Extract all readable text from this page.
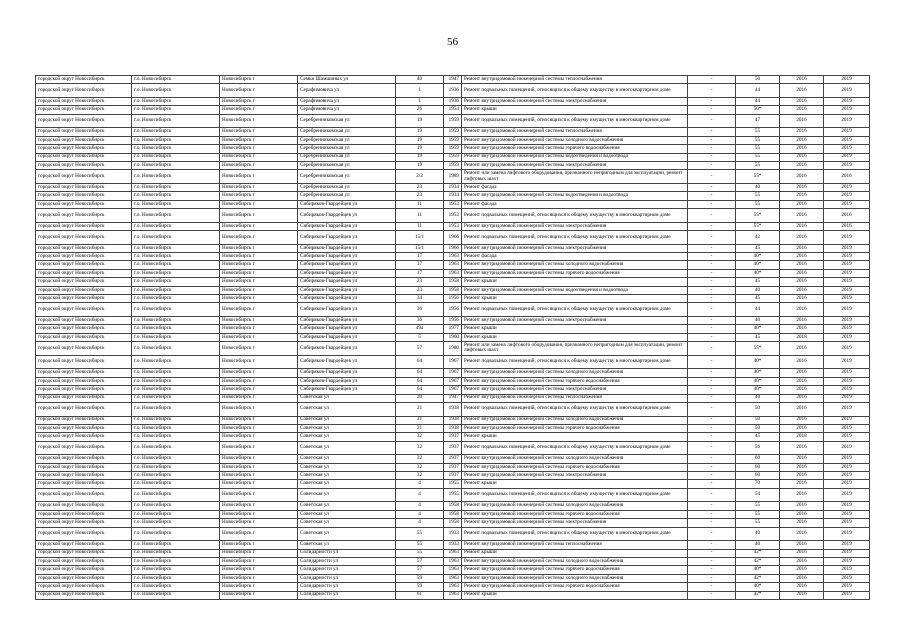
56
городской округ Новосибирск	г.о. Новосибирск	Новосибирск г	Семьи Шамшиных ул	40	1947	Ремонт внутридомовой инженерной системы теплоснабжения	-	50	2016	2019
городской округ Новосибирск	г.о. Новосибирск	Новосибирск г	Серафимовича ул	1	1936	Ремонт подвальных помещений, относящихся к общему имуществу в многоквартирном доме	-	44	2016	2019
городской округ Новосибирск	г.о. Новосибирск	Новосибирск г	Серафимовича ул	1	1936	Ремонт внутридомовой инженерной системы электроснабжения	-	44	2016	2019
городской округ Новосибирск	г.о. Новосибирск	Новосибирск г	Серафимовича ул	26	1954	Ремонт крыши	-	50*	2016	2019
городской округ Новосибирск	г.о. Новосибирск	Новосибирск г	Серебренниковская ул	19	1959	Ремонт подвальных помещений, относящихся к общему имуществу в многоквартирном доме	-	47	2016	2019
городской округ Новосибирск	г.о. Новосибирск	Новосибирск г	Серебренниковская ул	19	1959	Ремонт внутридомовой инженерной системы теплоснабжения	-	55	2016	2019
городской округ Новосибирск	г.о. Новосибирск	Новосибирск г	Серебренниковская ул	19	1959	Ремонт внутридомовой инженерной системы холодного водоснабжения	-	55	2016	2019
городской округ Новосибирск	г.о. Новосибирск	Новосибирск г	Серебренниковская ул	19	1959	Ремонт внутридомовой инженерной системы горячего водоснабжения	-	55	2016	2019
городской округ Новосибирск	г.о. Новосибирск	Новосибирск г	Серебренниковская ул	19	1959	Ремонт внутридомовой инженерной системы водоотведения и водоотвода	-	55	2016	2019
городской округ Новосибирск	г.о. Новосибирск	Новосибирск г	Серебренниковская ул	19	1959	Ремонт внутридомовой инженерной системы электроснабжения	-	55	2016	2019
городской округ Новосибирск	г.о. Новосибирск	Новосибирск г	Серебренниковская ул	2/2	1989	Ремонт или замена лифтового оборудования, признанного непригодным для эксплуатации, ремонт лифтовых шахт	-	55*	2016	2016
городской округ Новосибирск	г.о. Новосибирск	Новосибирск г	Серебренниковская ул	23	1934	Ремонт фасада	-	40	2016	2019
городской округ Новосибирск	г.о. Новосибирск	Новосибирск г	Серебренниковская ул	23	1934	Ремонт внутридомовой инженерной системы водоотведения и водоотвода	-	55	2016	2019
городской округ Новосибирск	г.о. Новосибирск	Новосибирск г	Сибиряков-Гвардейцев ул	11	1953	Ремонт фасада	-	55	2016	2019
городской округ Новосибирск	г.о. Новосибирск	Новосибирск г	Сибиряков-Гвардейцев ул	11	1953	Ремонт подвальных помещений, относящихся к общему имуществу в многоквартирном доме	-	55*	2016	2016
городской округ Новосибирск	г.о. Новосибирск	Новосибирск г	Сибиряков-Гвардейцев ул	11	1953	Ремонт внутридомовой инженерной системы электроснабжения	-	55*	2016	2016
городской округ Новосибирск	г.о. Новосибирск	Новосибирск г	Сибиряков-Гвардейцев ул	15/1	1966	Ремонт подвальных помещений, относящихся к общему имуществу в многоквартирном доме	-	42	2016	2019
городской округ Новосибирск	г.о. Новосибирск	Новосибирск г	Сибиряков-Гвардейцев ул	15/1	1966	Ремонт внутридомовой инженерной системы электроснабжения	-	45	2016	2019
городской округ Новосибирск	г.о. Новосибирск	Новосибирск г	Сибиряков-Гвардейцев ул	17	1963	Ремонт фасада	-	40*	2016	2019
городской округ Новосибирск	г.о. Новосибирск	Новосибирск г	Сибиряков-Гвардейцев ул	17	1963	Ремонт внутридомовой инженерной системы холодного водоснабжения	-	40*	2016	2019
городской округ Новосибирск	г.о. Новосибирск	Новосибирск г	Сибиряков-Гвардейцев ул	17	1963	Ремонт внутридомовой инженерной системы горячего водоснабжения	-	40*	2016	2019
городской округ Новосибирск	г.о. Новосибирск	Новосибирск г	Сибиряков-Гвардейцев ул	23	1958	Ремонт крыши	-	45	2016	2019
городской округ Новосибирск	г.о. Новосибирск	Новосибирск г	Сибиряков-Гвардейцев ул	23	1958	Ремонт внутридомовой инженерной системы водоотведения и водоотвода	-	40	2016	2019
городской округ Новосибирск	г.о. Новосибирск	Новосибирск г	Сибиряков-Гвардейцев ул	34	1956	Ремонт крыши	-	45	2016	2019
городской округ Новосибирск	г.о. Новосибирск	Новосибирск г	Сибиряков-Гвардейцев ул	36	1956	Ремонт подвальных помещений, относящихся к общему имуществу в многоквартирном доме	-	44	2016	2019
городской округ Новосибирск	г.о. Новосибирск	Новосибирск г	Сибиряков-Гвардейцев ул	36	1956	Ремонт внутридомовой инженерной системы электроснабжения	-	40	2016	2019
городской округ Новосибирск	г.о. Новосибирск	Новосибирск г	Сибиряков-Гвардейцев ул	49а	1977	Ремонт крыши	-	40*	2016	2019
городской округ Новосибирск	г.о. Новосибирск	Новосибирск г	Сибиряков-Гвардейцев ул	5	1960	Ремонт крыши	-	45	2018	2019
городской округ Новосибирск	г.о. Новосибирск	Новосибирск г	Сибиряков-Гвардейцев ул	57	1980	Ремонт или замена лифтового оборудования, признанного непригодным для эксплуатации, ремонт лифтовых шахт	-	55*	2016	2019
городской округ Новосибирск	г.о. Новосибирск	Новосибирск г	Сибиряков-Гвардейцев ул	64	1967	Ремонт подвальных помещений, относящихся к общему имуществу в многоквартирном доме	-	40*	2016	2019
городской округ Новосибирск	г.о. Новосибирск	Новосибирск г	Сибиряков-Гвардейцев ул	64	1967	Ремонт внутридомовой инженерной системы холодного водоснабжения	-	40*	2016	2019
городской округ Новосибирск	г.о. Новосибирск	Новосибирск г	Сибиряков-Гвардейцев ул	64	1967	Ремонт внутридомовой инженерной системы горячего водоснабжения	-	40*	2016	2019
городской округ Новосибирск	г.о. Новосибирск	Новосибирск г	Сибиряков-Гвардейцев ул	64	1967	Ремонт внутридомовой инженерной системы электроснабжения	-	40*	2016	2019
городской округ Новосибирск	г.о. Новосибирск	Новосибирск г	Советская ул	20	1947	Ремонт внутридомовой инженерной системы теплоснабжения	-	40	2016	2019
городской округ Новосибирск	г.о. Новосибирск	Новосибирск г	Советская ул	21	1938	Ремонт подвальных помещений, относящихся к общему имуществу в многоквартирном доме	-	50	2016	2019
городской округ Новосибирск	г.о. Новосибирск	Новосибирск г	Советская ул	21	1938	Ремонт внутридомовой инженерной системы холодного водоснабжения	-	50	2016	2019
городской округ Новосибирск	г.о. Новосибирск	Новосибирск г	Советская ул	21	1938	Ремонт внутридомовой инженерной системы горячего водоснабжения	-	50	2016	2019
городской округ Новосибирск	г.о. Новосибирск	Новосибирск г	Советская ул	32	1937	Ремонт крыши	-	45	2018	2019
городской округ Новосибирск	г.о. Новосибирск	Новосибирск г	Советская ул	32	1937	Ремонт подвальных помещений, относящихся к общему имуществу в многоквартирном доме	-	56	2016	2019
городской округ Новосибирск	г.о. Новосибирск	Новосибирск г	Советская ул	32	1937	Ремонт внутридомовой инженерной системы холодного водоснабжения	-	60	2016	2019
городской округ Новосибирск	г.о. Новосибирск	Новосибирск г	Советская ул	32	1937	Ремонт внутридомовой инженерной системы горячего водоснабжения	-	60	2016	2019
городской округ Новосибирск	г.о. Новосибирск	Новосибирск г	Советская ул	32	1937	Ремонт внутридомовой инженерной системы электроснабжения	-	60	2016	2019
городской округ Новосибирск	г.о. Новосибирск	Новосибирск г	Советская ул	4	1955	Ремонт крыши	-	70	2016	2019
городской округ Новосибирск	г.о. Новосибирск	Новосибирск г	Советская ул	4	1955	Ремонт подвальных помещений, относящихся к общему имуществу в многоквартирном доме	-	54	2016	2019
городской округ Новосибирск	г.о. Новосибирск	Новосибирск г	Советская ул	4	1958	Ремонт внутридомовой инженерной системы холодного водоснабжения	-	55	2016	2019
городской округ Новосибирск	г.о. Новосибирск	Новосибирск г	Советская ул	4	1958	Ремонт внутридомовой инженерной системы горячего водоснабжения	-	55	2016	2019
городской округ Новосибирск	г.о. Новосибирск	Новосибирск г	Советская ул	4	1958	Ремонт внутридомовой инженерной системы электроснабжения	-	55	2016	2019
городской округ Новосибирск	г.о. Новосибирск	Новосибирск г	Советская ул	55	1933	Ремонт подвальных помещений, относящихся к общему имуществу в многоквартирном доме	-	40	2016	2019
городской округ Новосибирск	г.о. Новосибирск	Новосибирск г	Советская ул	55	1933	Ремонт внутридомовой инженерной системы теплоснабжения	-	40	2016	2019
городской округ Новосибирск	г.о. Новосибирск	Новосибирск г	Солидарности ул	55	1963	Ремонт крыши	-	42*	2016	2019
городской округ Новосибирск	г.о. Новосибирск	Новосибирск г	Солидарности ул	57	1963	Ремонт внутридомовой инженерной системы холодного водоснабжения	-	42*	2016	2019
городской округ Новосибирск	г.о. Новосибирск	Новосибирск г	Солидарности ул	57	1963	Ремонт внутридомовой инженерной системы горячего водоснабжения	-	40*	2016	2019
городской округ Новосибирск	г.о. Новосибирск	Новосибирск г	Солидарности ул	59	1963	Ремонт внутридомовой инженерной системы холодного водоснабжения	-	42*	2016	2019
городской округ Новосибирск	г.о. Новосибирск	Новосибирск г	Солидарности ул	59	1963	Ремонт внутридомовой инженерной системы горячего водоснабжения	-	40*	2016	2019
городской округ Новосибирск	г.о. Новосибирск	Новосибирск г	Солидарности ул	61	1963	Ремонт крыши	-	42*	2016	2019
